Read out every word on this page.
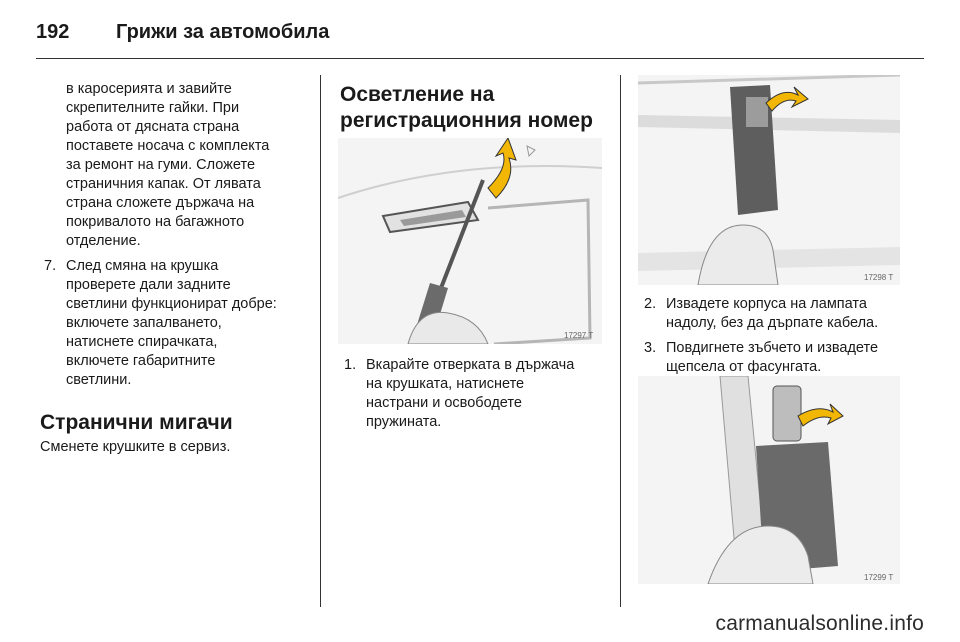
192 Грижи за автомобила

в каросерията и завийте

скрепителните гайки. При

работа от дясната страна

поставете носача с комплекта

за ремонт на гуми. Сложете

страничния капак. От лявата

страна сложете държача на

покривалото на багажното

отделение.

7. След смяна на крушка

проверете дали задните

светлини функционират добре:

включете запалването,

натиснете спирачката,

включете габаритните

светлини.

Странични мигачи

Сменете крушките в сервиз.

Осветление на
регистрационния номер
17297 T
1. Вкарайте отверката в държача

на крушката, натиснете

настрани и освободете

пружината.

17298 T
2. Извадете корпуса на лампата

надолу, без да дърпате кабела.

3. Повдигнете зъбчето и извадете

щепсела от фасунгата.

17299 T
carmanualsonline.info
